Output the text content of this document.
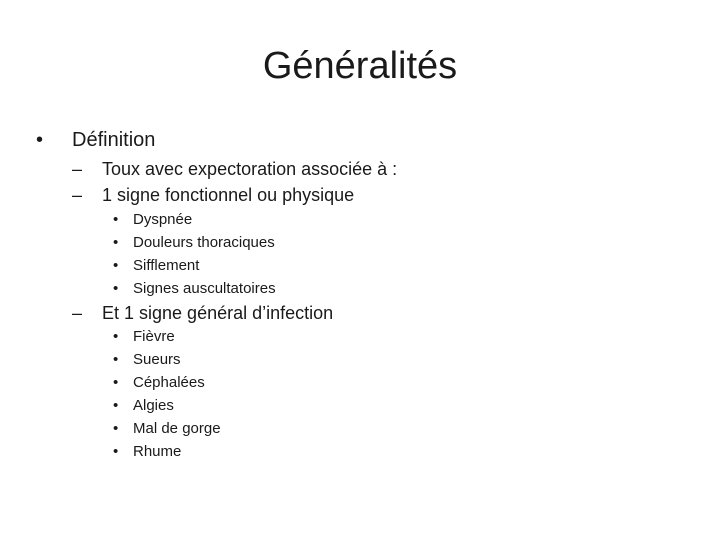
Généralités
• Définition
– Toux avec expectoration associée à :
– 1 signe fonctionnel ou physique
• Dyspnée
• Douleurs thoraciques
• Sifflement
• Signes auscultatoires
– Et 1 signe général d’infection
• Fièvre
• Sueurs
• Céphalées
• Algies
• Mal de gorge
• Rhume
